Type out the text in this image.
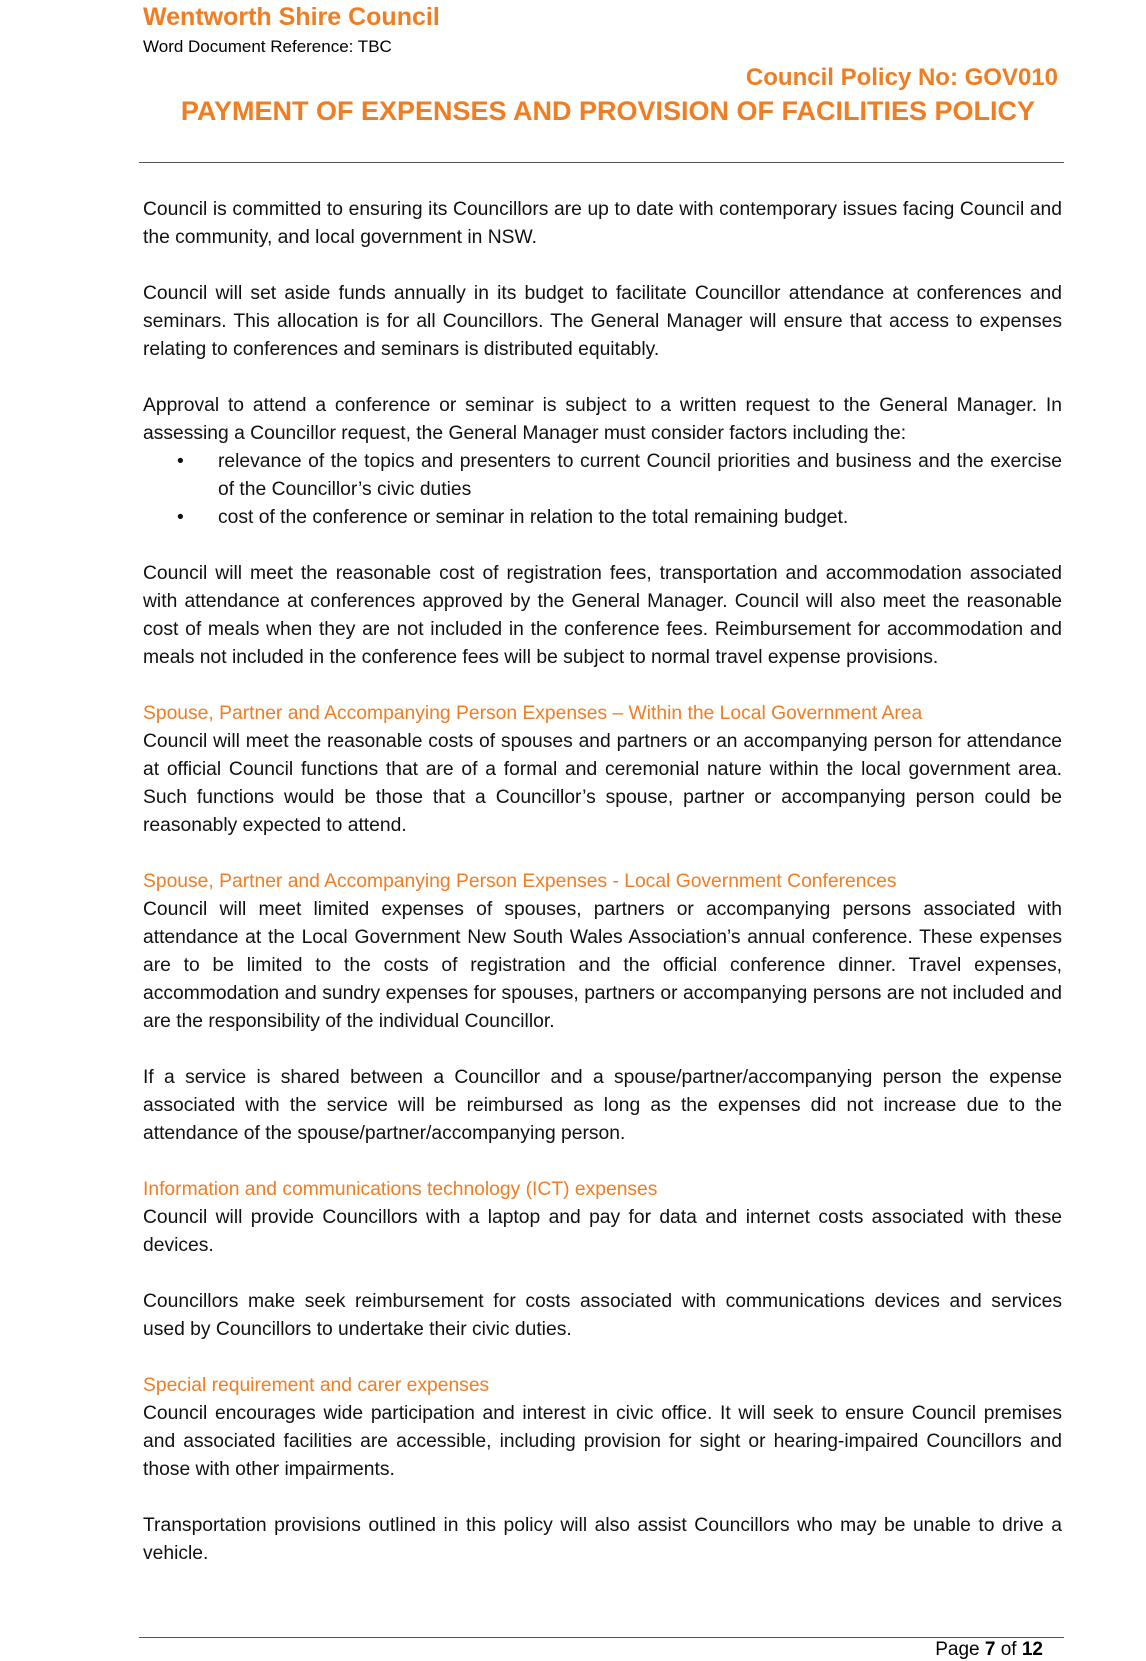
Wentworth Shire Council
Word Document Reference: TBC
Council Policy No: GOV010
PAYMENT OF EXPENSES AND PROVISION OF FACILITIES POLICY

Council is committed to ensuring its Councillors are up to date with contemporary issues facing Council and the community, and local government in NSW.

Council will set aside funds annually in its budget to facilitate Councillor attendance at conferences and seminars. This allocation is for all Councillors. The General Manager will ensure that access to expenses relating to conferences and seminars is distributed equitably.

Approval to attend a conference or seminar is subject to a written request to the General Manager. In assessing a Councillor request, the General Manager must consider factors including the:

• relevance of the topics and presenters to current Council priorities and business and the exercise of the Councillor’s civic duties
• cost of the conference or seminar in relation to the total remaining budget.

Council will meet the reasonable cost of registration fees, transportation and accommodation associated with attendance at conferences approved by the General Manager. Council will also meet the reasonable cost of meals when they are not included in the conference fees. Reimbursement for accommodation and meals not included in the conference fees will be subject to normal travel expense provisions.

Spouse, Partner and Accompanying Person Expenses – Within the Local Government Area

Council will meet the reasonable costs of spouses and partners or an accompanying person for attendance at official Council functions that are of a formal and ceremonial nature within the local government area. Such functions would be those that a Councillor’s spouse, partner or accompanying person could be reasonably expected to attend.

Spouse, Partner and Accompanying Person Expenses - Local Government Conferences

Council will meet limited expenses of spouses, partners or accompanying persons associated with attendance at the Local Government New South Wales Association’s annual conference. These expenses are to be limited to the costs of registration and the official conference dinner. Travel expenses, accommodation and sundry expenses for spouses, partners or accompanying persons are not included and are the responsibility of the individual Councillor.

If a service is shared between a Councillor and a spouse/partner/accompanying person the expense associated with the service will be reimbursed as long as the expenses did not increase due to the attendance of the spouse/partner/accompanying person.

Information and communications technology (ICT) expenses

Council will provide Councillors with a laptop and pay for data and internet costs associated with these devices.

Councillors make seek reimbursement for costs associated with communications devices and services used by Councillors to undertake their civic duties.

Special requirement and carer expenses

Council encourages wide participation and interest in civic office. It will seek to ensure Council premises and associated facilities are accessible, including provision for sight or hearing-impaired Councillors and those with other impairments.

Transportation provisions outlined in this policy will also assist Councillors who may be unable to drive a vehicle.

Page 7 of 12
